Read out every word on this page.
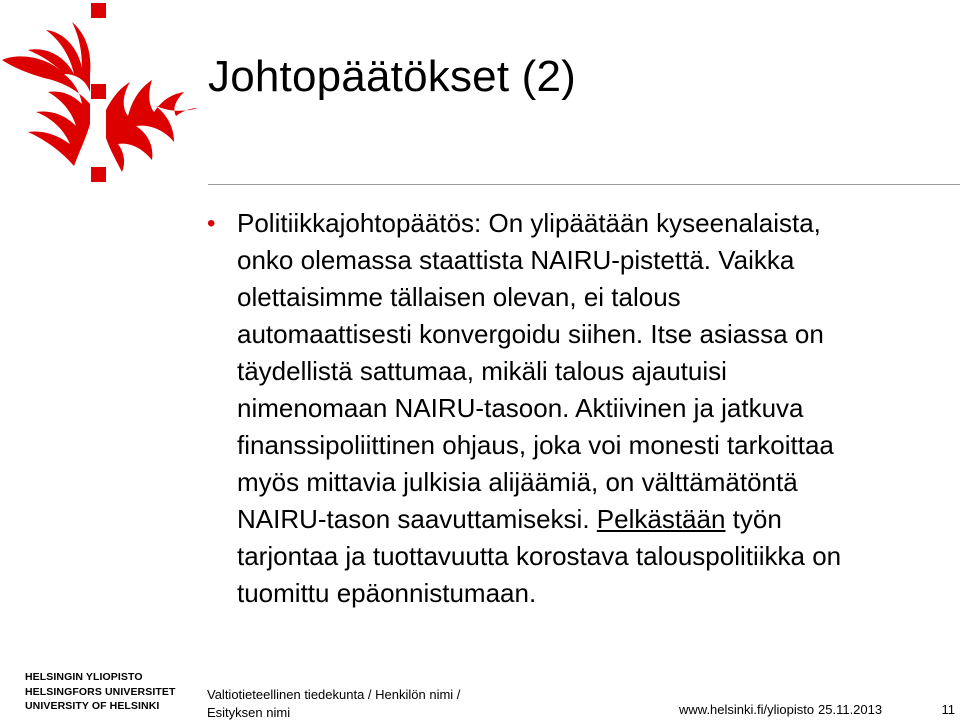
Johtopäätökset (2)
• Politiikkajohtopäätös: On ylipäätään kyseenalaista,
onko olemassa staattista NAIRU-pistettä. Vaikka
olettaisimme tällaisen olevan, ei talous
automaattisesti konvergoidu siihen. Itse asiassa on
täydellistä sattumaa, mikäli talous ajautuisi
nimenomaan NAIRU-tasoon. Aktiivinen ja jatkuva
finanssipoliittinen ohjaus, joka voi monesti tarkoittaa
myös mittavia julkisia alijäämiä, on välttämätöntä
NAIRU-tason saavuttamiseksi. Pelkästään työn
tarjontaa ja tuottavuutta korostava talouspolitiikka on
tuomittu epäonnistumaan.
HELSINGIN YLIOPISTO
HELSINGFORS UNIVERSITET
UNIVERSITY OF HELSINKI
Valtiotieteellinen tiedekunta / Henkilön nimi /
Esityksen nimi	www.helsinki.fi/yliopisto 25.11.2013	11
